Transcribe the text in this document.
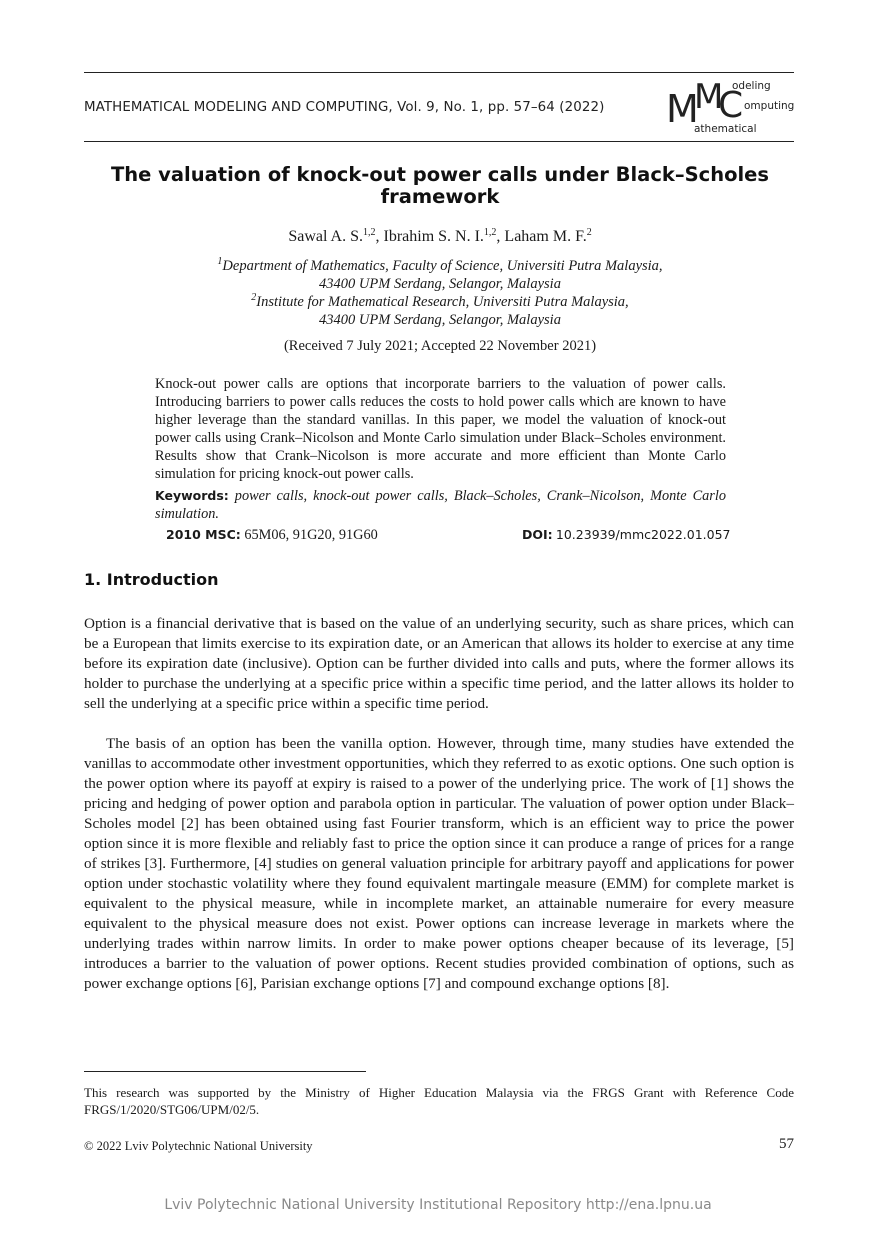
MATHEMATICAL MODELING AND COMPUTING, Vol. 9, No. 1, pp. 57–64 (2022)	M
M
C
odeling
omputing
athematical
The valuation of knock-out power calls under Black–Scholes framework
Sawal A. S.$^{1,2}$, Ibrahim S. N. I.$^{1,2}$, Laham M. F.$^2$
$^1$Department of Mathematics, Faculty of Science, Universiti Putra Malaysia,
43400 UPM Serdang, Selangor, Malaysia
$^2$Institute for Mathematical Research, Universiti Putra Malaysia,
43400 UPM Serdang, Selangor, Malaysia
(Received 7 July 2021; Accepted 22 November 2021)
Knock-out power calls are options that incorporate barriers to the valuation of power calls. Introducing barriers to power calls reduces the costs to hold power calls which are known to have higher leverage than the standard vanillas. In this paper, we model the valuation of knock-out power calls using Crank–Nicolson and Monte Carlo simulation under Black–Scholes environment. Results show that Crank–Nicolson is more accurate and more efficient than Monte Carlo simulation for pricing knock-out power calls.
Keywords: power calls, knock-out power calls, Black–Scholes, Crank–Nicolson, Monte Carlo simulation.
2010 MSC: 65M06, 91G20, 91G60	DOI: 10.23939/mmc2022.01.057
1. Introduction
Option is a financial derivative that is based on the value of an underlying security, such as share prices, which can be a European that limits exercise to its expiration date, or an American that allows its holder to exercise at any time before its expiration date (inclusive). Option can be further divided into calls and puts, where the former allows its holder to purchase the underlying at a specific price within a specific time period, and the latter allows its holder to sell the underlying at a specific price within a specific time period.
The basis of an option has been the vanilla option. However, through time, many studies have extended the vanillas to accommodate other investment opportunities, which they referred to as exotic options. One such option is the power option where its payoff at expiry is raised to a power of the underlying price. The work of [1] shows the pricing and hedging of power option and parabola option in particular. The valuation of power option under Black–Scholes model [2] has been obtained using fast Fourier transform, which is an efficient way to price the power option since it is more flexible and reliably fast to price the option since it can produce a range of prices for a range of strikes [3]. Furthermore, [4] studies on general valuation principle for arbitrary payoff and applications for power option under stochastic volatility where they found equivalent martingale measure (EMM) for complete market is equivalent to the physical measure, while in incomplete market, an attainable numeraire for every measure equivalent to the physical measure does not exist. Power options can increase leverage in markets where the underlying trades within narrow limits. In order to make power options cheaper because of its leverage, [5] introduces a barrier to the valuation of power options. Recent studies provided combination of options, such as power exchange options [6], Parisian exchange options [7] and compound exchange options [8].
This research was supported by the Ministry of Higher Education Malaysia via the FRGS Grant with Reference Code FRGS/1/2020/STG06/UPM/02/5.
© 2022 Lviv Polytechnic National University	57
Lviv Polytechnic National University Institutional Repository http://ena.lpnu.ua
